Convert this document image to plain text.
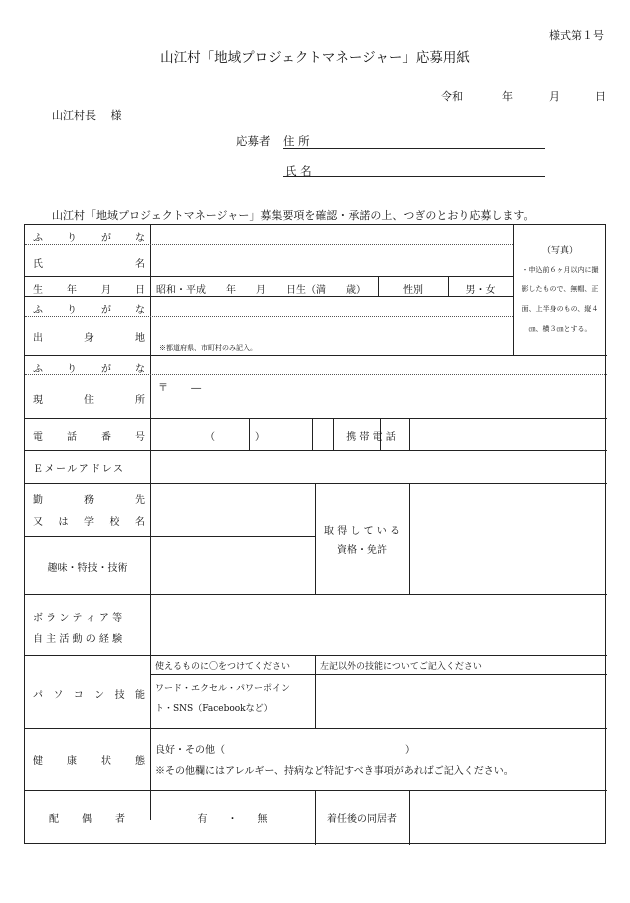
様式第１号
山江村「地域プロジェクトマネージャー」応募用紙
令和	年	月	日
山江村長　 様
応募者 住 所
氏 名
山江村「地域プロジェクトマネージャー」募集要項を確認・承諾の上、つぎのとおり応募します。
ふ り が な
氏	名
生 年 月 日 昭和・平成　　年　　月　　日生（満　　歳）	性別	男・女
ふ り が な
出	身	地
※都道府県、市町村のみ記入。
（写真）
・申込前６ヶ月以内に撮
影したもので、無帽、正
面、上半身のもの、縦４
㎝、横３㎝とする。
ふ り が な
現	住	所
〒　　 ―
電 話 番 号	（　　　　）	携 帯 電 話
Ｅメールアドレス
勤	務	先
又 は 学 校 名
取 得 し て い る
資格・免許
趣味・特技・技術
ボ ラ ン テ ィ ア 等
自 主 活 動 の 経 験
パ ソ コ ン 技 能
使えるものに〇をつけてください	左記以外の技能についてご記入ください
ワード・エクセル・パワーポイン
ト・SNS（Facebookなど）
健 康 状 態
良好・その他（　　　　　　　　　　　　　　　　　　）
※その他欄にはアレルギー、持病など特記すべき事項があればご記入ください。
配 偶 者	有　　・　　無	着任後の同居者
